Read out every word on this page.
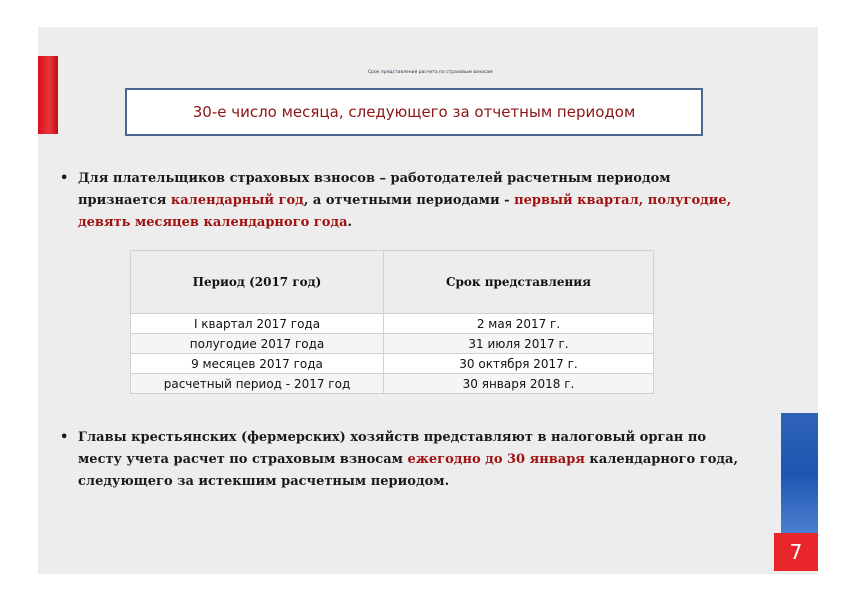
Срок представления расчета по страховым взносам
30-е число месяца, следующего за отчетным периодом
• Для плательщиков страховых взносов – работодателей расчетным периодом признается календарный год, а отчетными периодами - первый квартал, полугодие, девять месяцев календарного года.
Период (2017 год)	Срок представления
I квартал 2017 года	2 мая 2017 г.
полугодие 2017 года	31 июля 2017 г.
9 месяцев 2017 года	30 октября 2017 г.
расчетный период - 2017 год	30 января 2018 г.
• Главы крестьянских (фермерских) хозяйств представляют в налоговый орган по месту учета расчет по страховым взносам ежегодно до 30 января календарного года, следующего за истекшим расчетным периодом.
7
